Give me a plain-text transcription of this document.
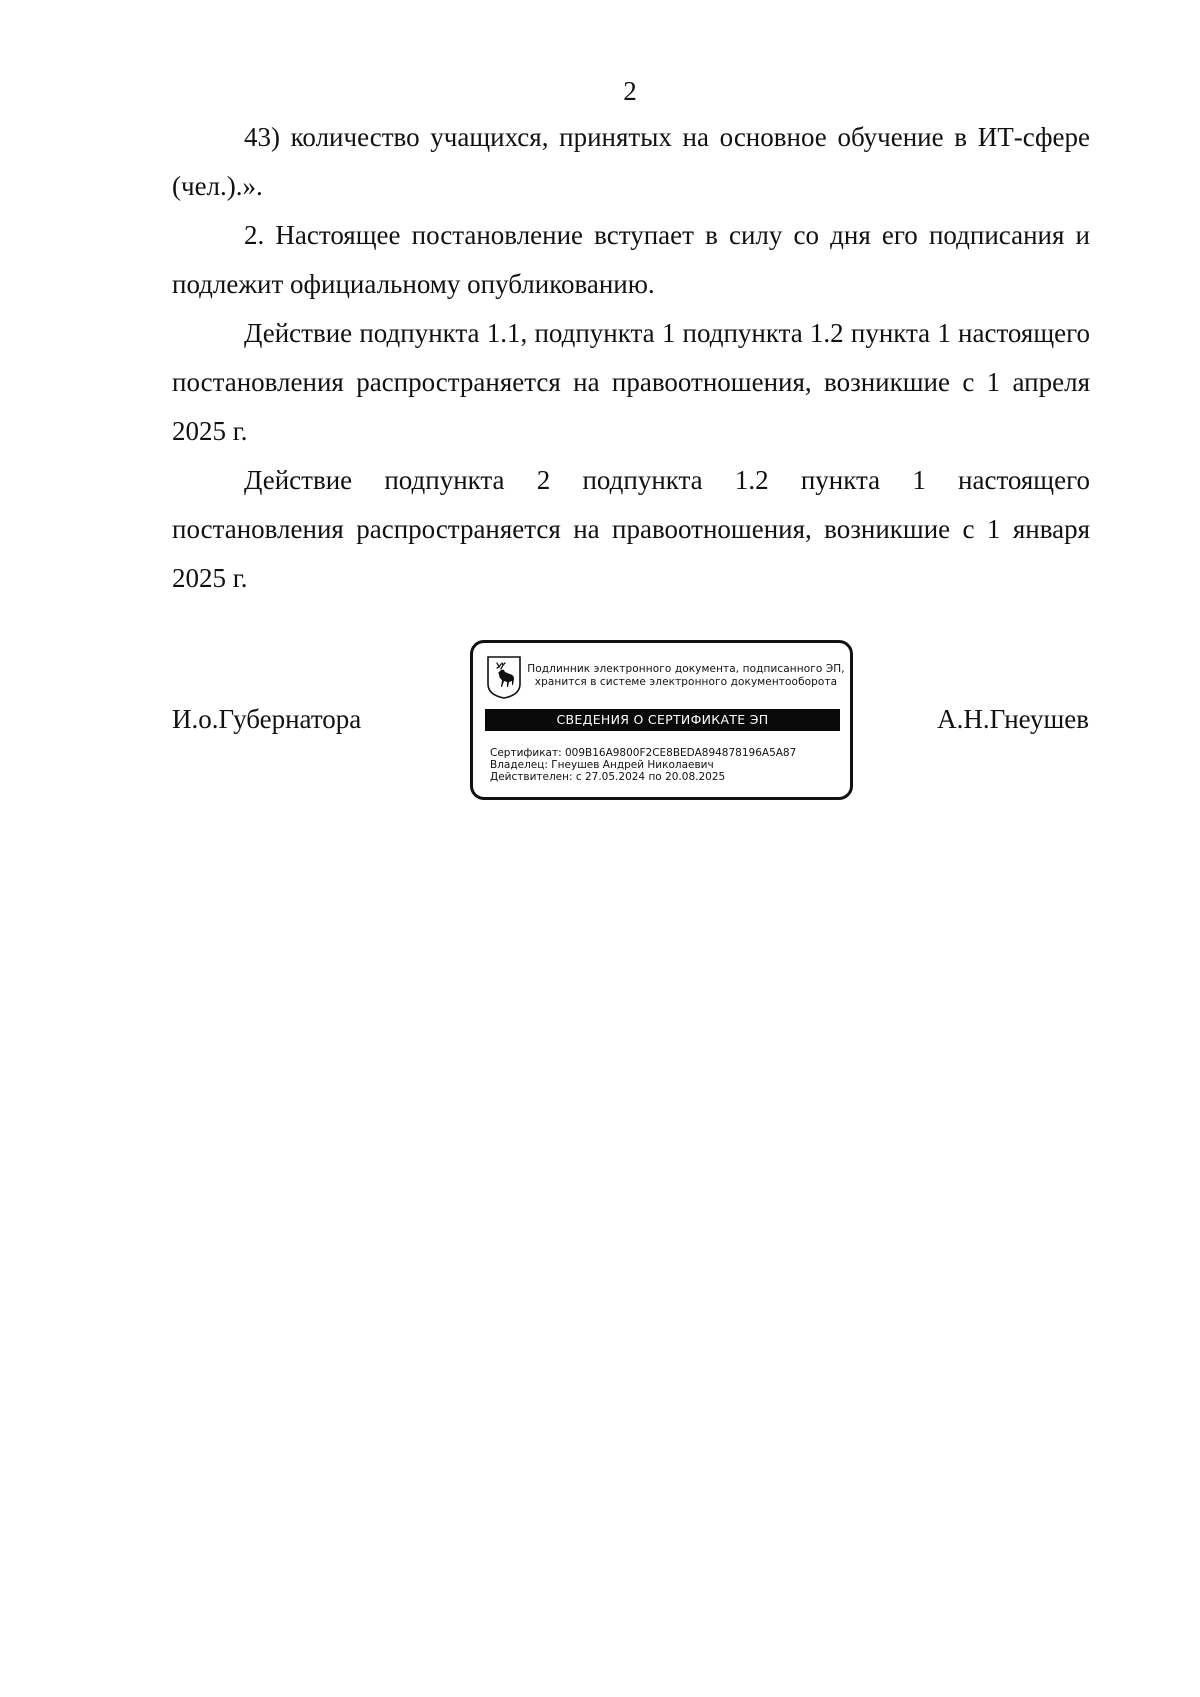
2

43) количество учащихся, принятых на основное обучение в ИТ-сфере (чел.).».

2. Настоящее постановление вступает в силу со дня его подписания и подлежит официальному опубликованию.

Действие подпункта 1.1, подпункта 1 подпункта 1.2 пункта 1 настоящего постановления распространяется на правоотношения, возникшие с 1 апреля 2025 г.

Действие подпункта 2 подпункта 1.2 пункта 1 настоящего постановления распространяется на правоотношения, возникшие с 1 января 2025 г.

И.о.Губернатора
Подлинник электронного документа, подписанного ЭП,
хранится в системе электронного документооборота
СВЕДЕНИЯ О СЕРТИФИКАТЕ ЭП
Сертификат: 009B16A9800F2CE8BEDA894878196A5A87
Владелец: Гнеушев Андрей Николаевич
Действителен: с 27.05.2024 по 20.08.2025
А.Н.Гнеушев
